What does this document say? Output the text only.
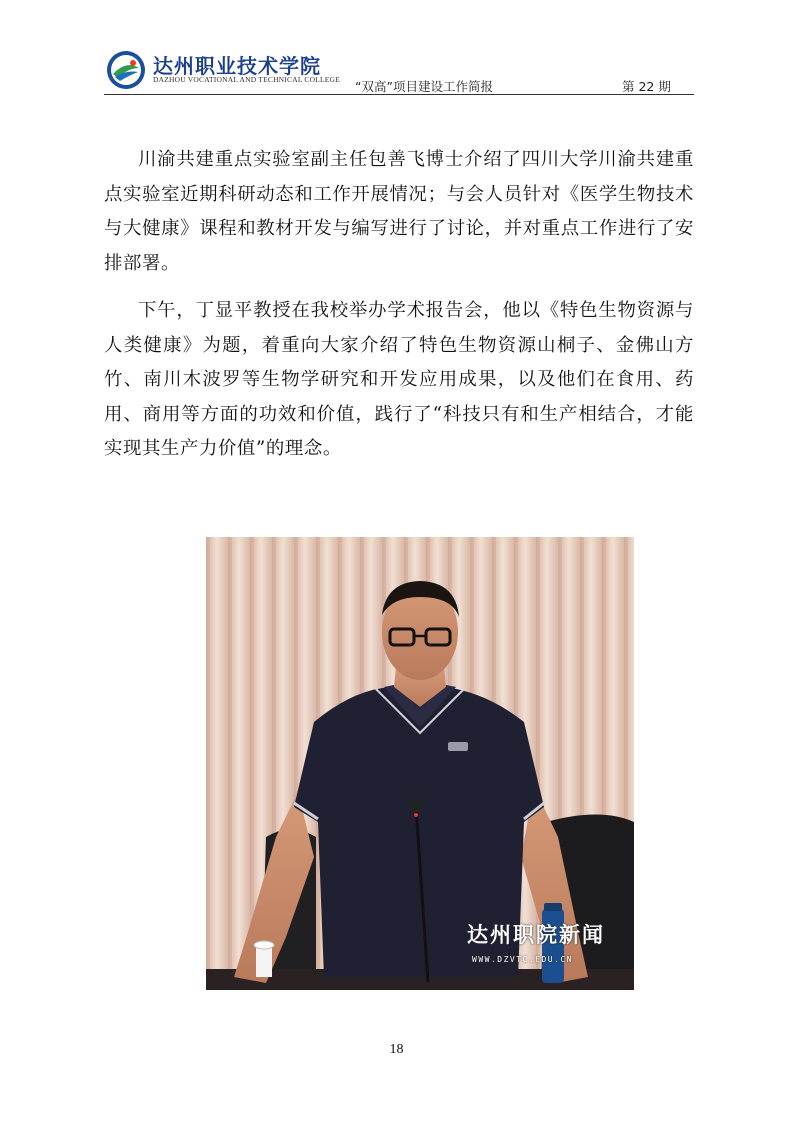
达州职业技术学院
DAZHOU VOCATIONAL AND TECHNICAL COLLEGE “双高”项目建设工作简报	第 22 期

川渝共建重点实验室副主任包善飞博士介绍了四川大学川渝共建重点实验室近期科研动态和工作开展情况；与会人员针对《医学生物技术与大健康》课程和教材开发与编写进行了讨论，并对重点工作进行了安排部署。

下午，丁显平教授在我校举办学术报告会，他以《特色生物资源与人类健康》为题，着重向大家介绍了特色生物资源山桐子、金佛山方竹、南川木波罗等生物学研究和开发应用成果，以及他们在食用、药用、商用等方面的功效和价值，践行了“科技只有和生产相结合，才能实现其生产力价值”的理念。

达州职院新闻
WWW.DZVTC.EDU.CN
18
